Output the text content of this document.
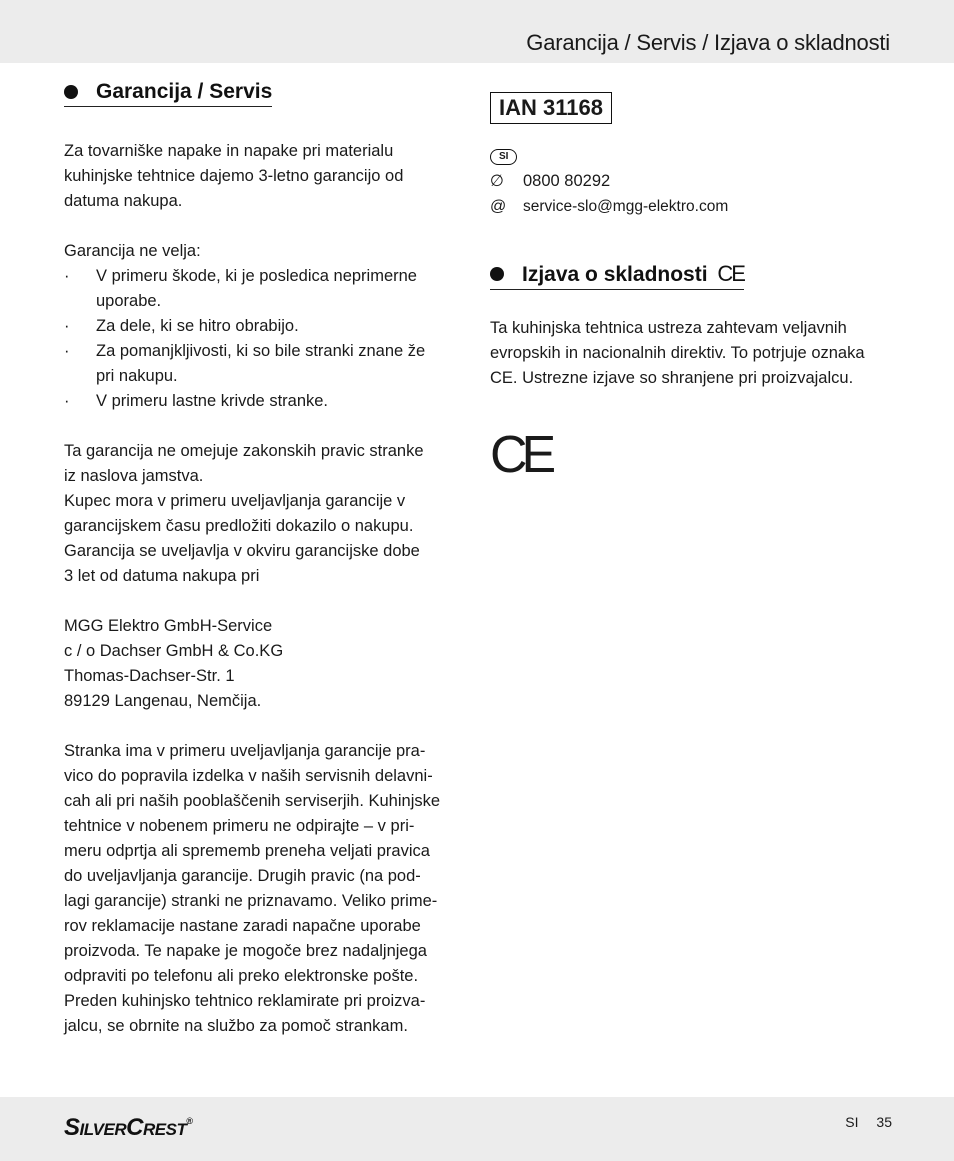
Garancija / Servis / Izjava o skladnosti
Garancija / Servis
Za tovarniške napake in napake pri materialu
kuhinjske tehtnice dajemo 3-letno garancijo od
datuma nakupa.
Garancija ne velja:
· V primeru škode, ki je posledica neprimerne
uporabe.
· Za dele, ki se hitro obrabijo.
· Za pomanjkljivosti, ki so bile stranki znane že
pri nakupu.
· V primeru lastne krivde stranke.
Ta garancija ne omejuje zakonskih pravic stranke
iz naslova jamstva.
Kupec mora v primeru uveljavljanja garancije v
garancijskem času predložiti dokazilo o nakupu.
Garancija se uveljavlja v okviru garancijske dobe
3 let od datuma nakupa pri
MGG Elektro GmbH-Service
c / o Dachser GmbH & Co.KG
Thomas-Dachser-Str. 1
89129 Langenau, Nemčija.
Stranka ima v primeru uveljavljanja garancije pra-
vico do popravila izdelka v naših servisnih delavni-
cah ali pri naših pooblaščenih serviserjih. Kuhinjske
tehtnice v nobenem primeru ne odpirajte – v pri-
meru odprtja ali sprememb preneha veljati pravica
do uveljavljanja garancije. Drugih pravic (na pod-
lagi garancije) stranki ne priznavamo. Veliko prime-
rov reklamacije nastane zaradi napačne uporabe
proizvoda. Te napake je mogoče brez nadaljnjega
odpraviti po telefonu ali preko elektronske pošte.
Preden kuhinjsko tehtnico reklamirate pri proizva-
jalcu, se obrnite na službo za pomoč strankam.
IAN 31168
SI
∅	0800 80292
@	service-slo@mgg-elektro.com
Izjava o skladnosti CE
Ta kuhinjska tehtnica ustreza zahtevam veljavnih
evropskih in nacionalnih direktiv. To potrjuje oznaka
CE. Ustrezne izjave so shranjene pri proizvajalcu.
CE
SILVERCREST®	SI 35
